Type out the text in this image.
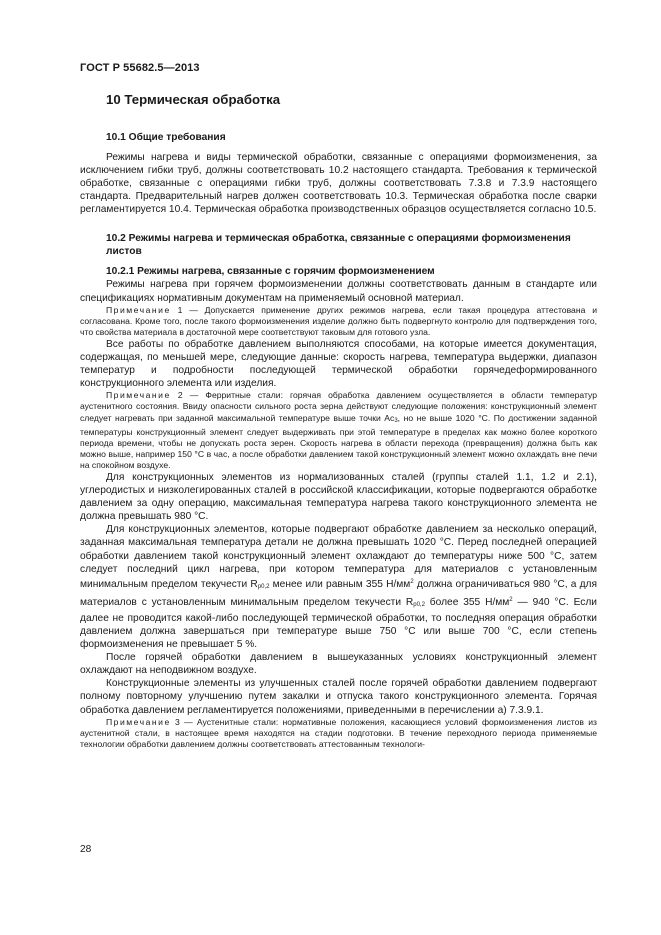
ГОСТ Р 55682.5—2013
10 Термическая обработка
10.1 Общие требования

Режимы нагрева и виды термической обработки, связанные с операциями формоизменения, за исключением гибки труб, должны соответствовать 10.2 настоящего стандарта. Требования к термической обработке, связанные с операциями гибки труб, должны соответствовать 7.3.8 и 7.3.9 настоящего стандарта. Предварительный нагрев должен соответствовать 10.3. Термическая обработка после сварки регламентируется 10.4. Термическая обработка производственных образцов осуществляется согласно 10.5.

10.2 Режимы нагрева и термическая обработка, связанные с операциями формоизменения листов
10.2.1 Режимы нагрева, связанные с горячим формоизменением

Режимы нагрева при горячем формоизменении должны соответствовать данным в стандарте или спецификациях нормативным документам на применяемый основной материал.

Примечание 1 — Допускается применение других режимов нагрева, если такая процедура аттестована и согласована. Кроме того, после такого формоизменения изделие должно быть подвергнуто контролю для подтверждения того, что свойства материала в достаточной мере соответствуют таковым для готового узла.

Все работы по обработке давлением выполняются способами, на которые имеется документация, содержащая, по меньшей мере, следующие данные: скорость нагрева, температура выдержки, диапазон температур и подробности последующей термической обработки горячедеформированного конструкционного элемента или изделия.

Примечание 2 — Ферритные стали: горячая обработка давлением осуществляется в области температур аустенитного состояния. Ввиду опасности сильного роста зерна действуют следующие положения: конструкционный элемент следует нагревать при заданной максимальной температуре выше точки $Ac_3$, но не выше 1020 °С. По достижении заданной температуры конструкционный элемент следует выдерживать при этой температуре в пределах как можно более короткого периода времени, чтобы не допускать роста зерен. Скорость нагрева в области перехода (превращения) должна быть как можно выше, например 150 °С в час, а после обработки давлением такой конструкционный элемент можно охлаждать вне печи на спокойном воздухе.

Для конструкционных элементов из нормализованных сталей (группы сталей 1.1, 1.2 и 2.1), углеродистых и низколегированных сталей в российской классификации, которые подвергаются обработке давлением за одну операцию, максимальная температура нагрева такого конструкционного элемента не должна превышать 980 °С.

Для конструкционных элементов, которые подвергают обработке давлением за несколько операций, заданная максимальная температура детали не должна превышать 1020 °С. Перед последней операцией обработки давлением такой конструкционный элемент охлаждают до температуры ниже 500 °С, затем следует последний цикл нагрева, при котором температура для материалов с установленным минимальным пределом текучести $R_{p0,2}$ менее или равным 355 $Н/мм^2$ должна ограничиваться 980 °С, а для материалов с установленным минимальным пределом текучести $R_{p0,2}$ более 355 $Н/мм^2$ — 940 °С. Если далее не проводится какой-либо последующей термической обработки, то последняя операция обработки давлением должна завершаться при температуре выше 750 °С или выше 700 °С, если степень формоизменения не превышает 5 %.

После горячей обработки давлением в вышеуказанных условиях конструкционный элемент охлаждают на неподвижном воздухе.

Конструкционные элементы из улучшенных сталей после горячей обработки давлением подвергают полному повторному улучшению путем закалки и отпуска такого конструкционного элемента. Горячая обработка давлением регламентируется положениями, приведенными в перечислении а) 7.3.9.1.

Примечание 3 — Аустенитные стали: нормативные положения, касающиеся условий формоизменения листов из аустенитной стали, в настоящее время находятся на стадии подготовки. В течение переходного периода применяемые технологии обработки давлением должны соответствовать аттестованным технологи-

28
